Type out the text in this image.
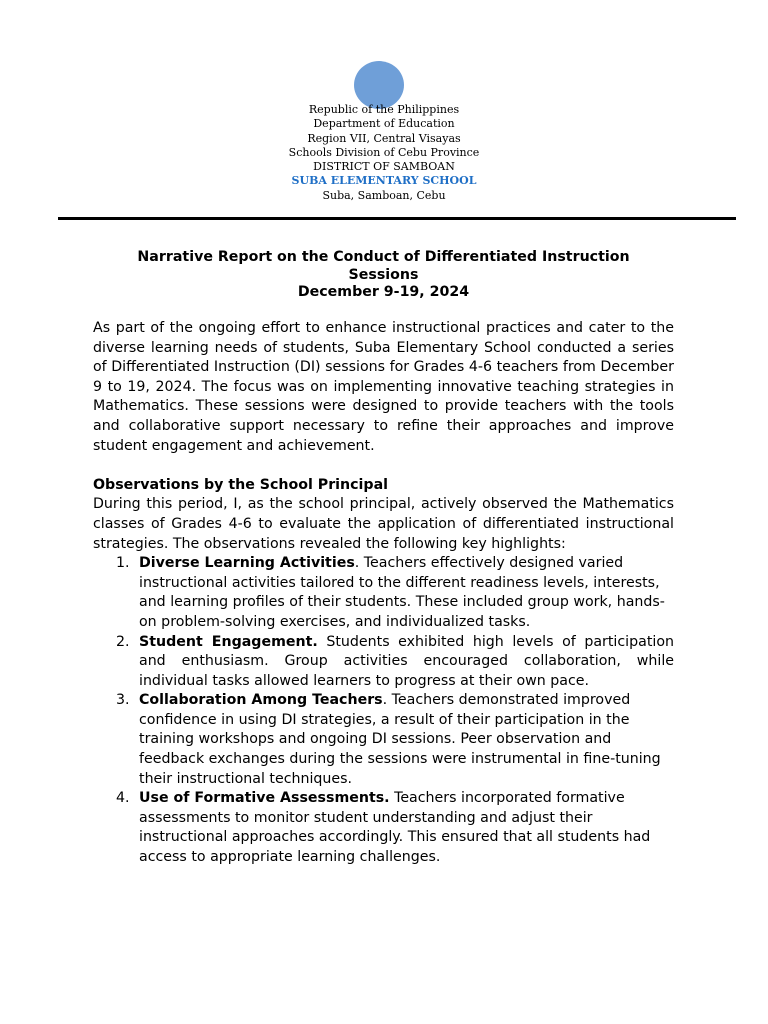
Republic of the Philippines
Department of Education
Region VII, Central Visayas
Schools Division of Cebu Province
DISTRICT OF SAMBOAN
SUBA ELEMENTARY SCHOOL
Suba, Samboan, Cebu
Narrative Report on the Conduct of Differentiated Instruction
Sessions
December 9-19, 2024

As part of the ongoing effort to enhance instructional practices and cater to the diverse learning needs of students, Suba Elementary School conducted a series of Differentiated Instruction (DI) sessions for Grades 4-6 teachers from December 9 to 19, 2024. The focus was on implementing innovative teaching strategies in Mathematics. These sessions were designed to provide teachers with the tools and collaborative support necessary to refine their approaches and improve student engagement and achievement.

Observations by the School Principal

During this period, I, as the school principal, actively observed the Mathematics classes of Grades 4-6 to evaluate the application of differentiated instructional strategies. The observations revealed the following key highlights:

1. Diverse Learning Activities. Teachers effectively designed varied instructional activities tailored to the different readiness levels, interests, and learning profiles of their students. These included group work, hands-on problem-solving exercises, and individualized tasks.
2. Student Engagement. Students exhibited high levels of participation and enthusiasm. Group activities encouraged collaboration, while individual tasks allowed learners to progress at their own pace.
3. Collaboration Among Teachers. Teachers demonstrated improved confidence in using DI strategies, a result of their participation in the training workshops and ongoing DI sessions. Peer observation and feedback exchanges during the sessions were instrumental in fine-tuning their instructional techniques.
4. Use of Formative Assessments. Teachers incorporated formative assessments to monitor student understanding and adjust their instructional approaches accordingly. This ensured that all students had access to appropriate learning challenges.
